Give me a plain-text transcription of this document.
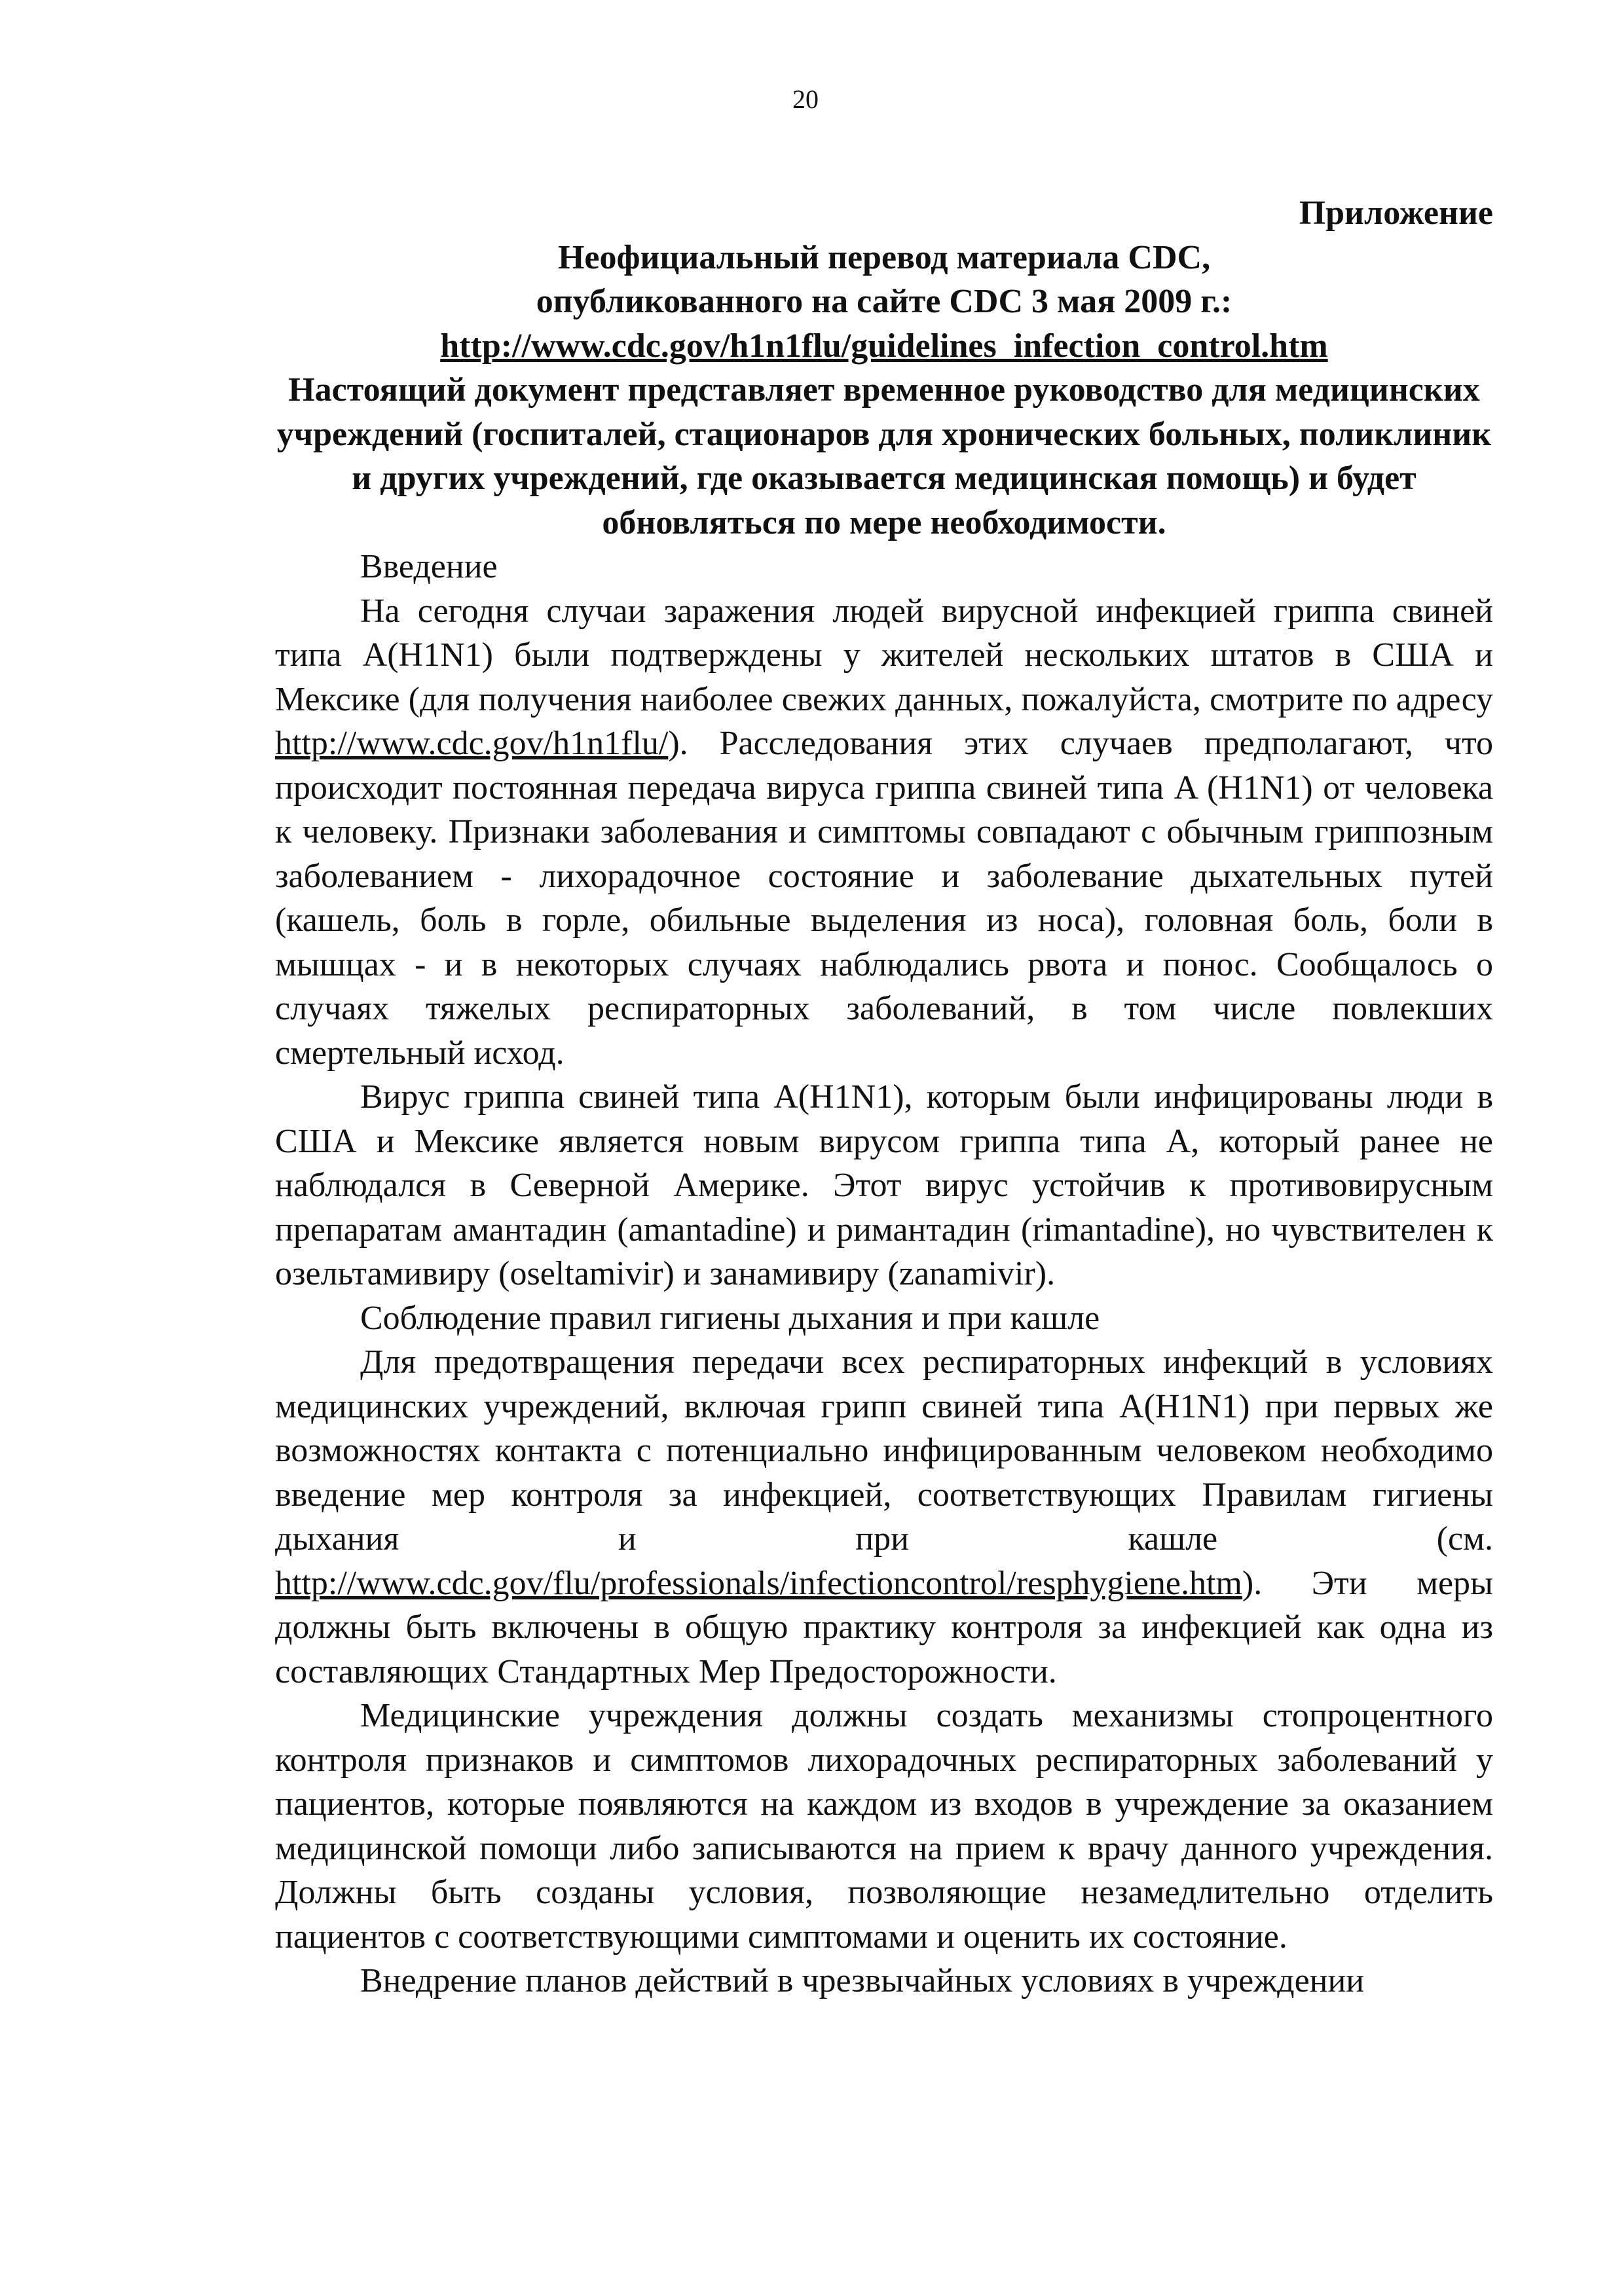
20

Приложение

Неофициальный перевод материала CDC,

опубликованного на сайте CDC 3 мая 2009 г.:

http://www.cdc.gov/h1n1flu/guidelines_infection_control.htm

Настоящий документ представляет временное руководство для медицинских учреждений (госпиталей, стационаров для хронических больных, поликлиник и других учреждений, где оказывается медицинская помощь) и будет обновляться по мере необходимости.

Введение

На сегодня случаи заражения людей вирусной инфекцией гриппа свиней типа A(H1N1) были подтверждены у жителей нескольких штатов в США и Мексике (для получения наиболее свежих данных, пожалуйста, смотрите по адресу http://www.cdc.gov/h1n1flu/). Расследования этих случаев предполагают, что происходит постоянная передача вируса гриппа свиней типа A (H1N1) от человека к человеку. Признаки заболевания и симптомы совпадают с обычным гриппозным заболеванием - лихорадочное состояние и заболевание дыхательных путей (кашель, боль в горле, обильные выделения из носа), головная боль, боли в мышцах - и в некоторых случаях наблюдались рвота и понос. Сообщалось о случаях тяжелых респираторных заболеваний, в том числе повлекших смертельный исход.

Вирус гриппа свиней типа A(H1N1), которым были инфицированы люди в США и Мексике является новым вирусом гриппа типа A, который ранее не наблюдался в Северной Америке. Этот вирус устойчив к противовирусным препаратам амантадин (amantadine) и римантадин (rimantadine), но чувствителен к озельтамивиру (oseltamivir) и занамивиру (zanamivir).

Соблюдение правил гигиены дыхания и при кашле

Для предотвращения передачи всех респираторных инфекций в условиях медицинских учреждений, включая грипп свиней типа A(H1N1) при первых же возможностях контакта с потенциально инфицированным человеком необходимо введение мер контроля за инфекцией, соответствующих Правилам гигиены дыхания и при кашле (см. http://www.cdc.gov/flu/professionals/infectioncontrol/resphygiene.htm). Эти меры должны быть включены в общую практику контроля за инфекцией как одна из составляющих Стандартных Мер Предосторожности.

Медицинские учреждения должны создать механизмы стопроцентного контроля признаков и симптомов лихорадочных респираторных заболеваний у пациентов, которые появляются на каждом из входов в учреждение за оказанием медицинской помощи либо записываются на прием к врачу данного учреждения. Должны быть созданы условия, позволяющие незамедлительно отделить пациентов с соответствующими симптомами и оценить их состояние.

Внедрение планов действий в чрезвычайных условиях в учреждении
